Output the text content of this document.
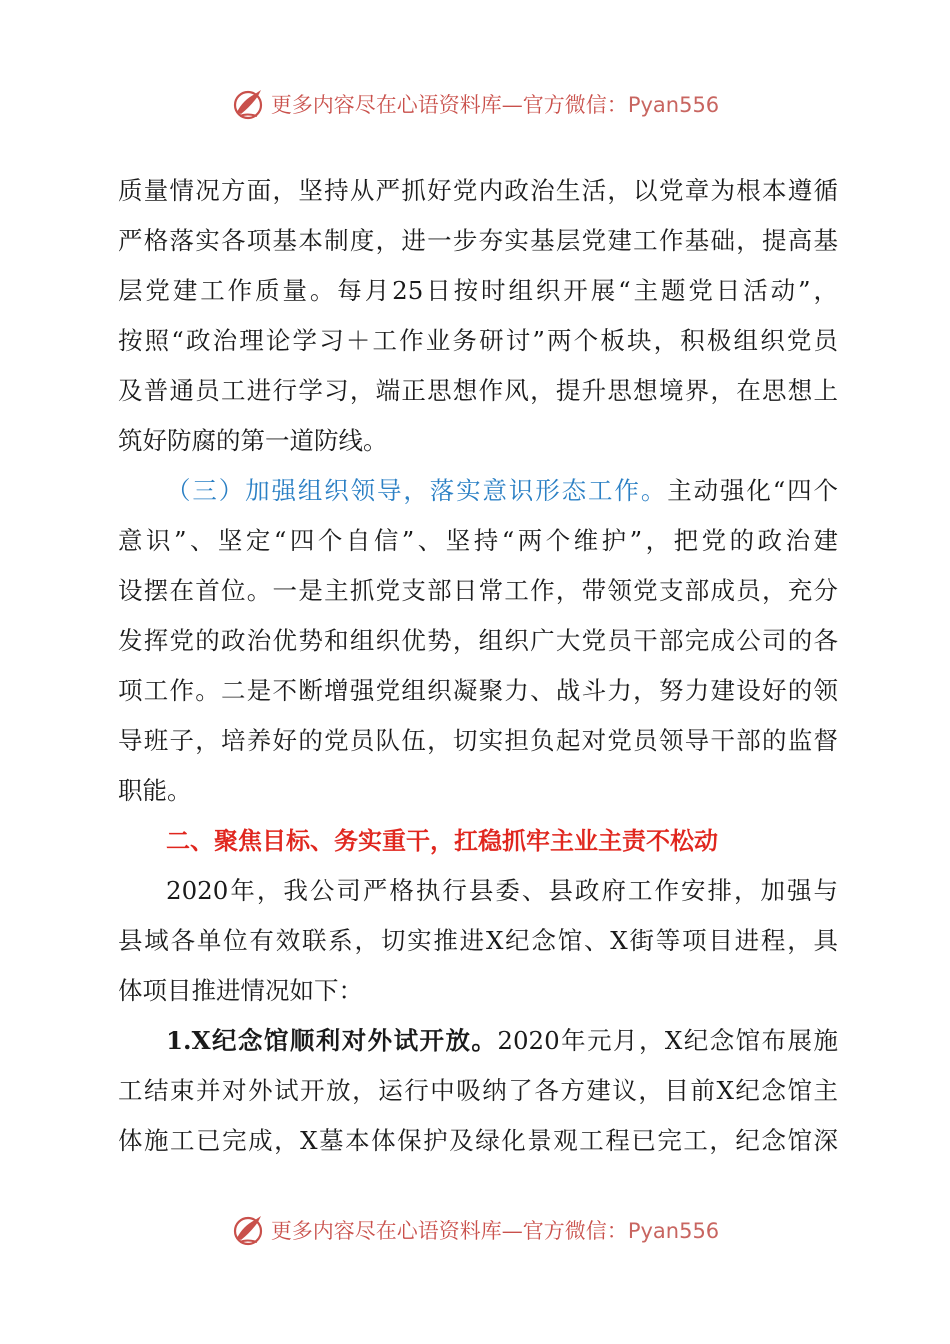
更多内容尽在心语资料库—官方微信：Pyan556
质量情况方面，坚持从严抓好党内政治生活，以党章为根本遵循
严格落实各项基本制度，进一步夯实基层党建工作基础，提高基
层党建工作质量。每月25日按时组织开展“主题党日活动”，
按照“政治理论学习＋工作业务研讨”两个板块，积极组织党员
及普通员工进行学习，端正思想作风，提升思想境界，在思想上
筑好防腐的第一道防线。
（三）加强组织领导，落实意识形态工作。主动强化“四个
意识”、坚定“四个自信”、坚持“两个维护”，把党的政治建
设摆在首位。一是主抓党支部日常工作，带领党支部成员，充分
发挥党的政治优势和组织优势，组织广大党员干部完成公司的各
项工作。二是不断增强党组织凝聚力、战斗力，努力建设好的领
导班子，培养好的党员队伍，切实担负起对党员领导干部的监督
职能。
二、聚焦目标、务实重干，扛稳抓牢主业主责不松动
2020年，我公司严格执行县委、县政府工作安排，加强与
县域各单位有效联系，切实推进X纪念馆、X街等项目进程，具
体项目推进情况如下：
1.X纪念馆顺利对外试开放。2020年元月，X纪念馆布展施
工结束并对外试开放，运行中吸纳了各方建议，目前X纪念馆主
体施工已完成，X墓本体保护及绿化景观工程已完工，纪念馆深
更多内容尽在心语资料库—官方微信：Pyan556
